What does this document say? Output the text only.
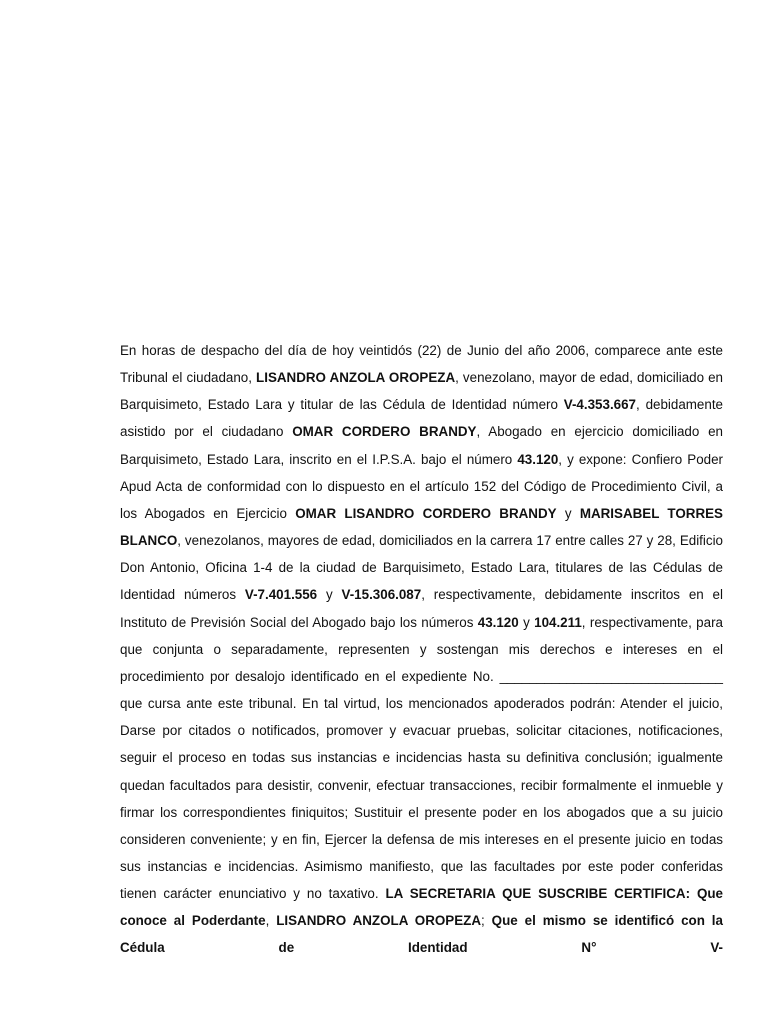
En horas de despacho del día de hoy veintidós (22) de Junio del año 2006, comparece ante este Tribunal el ciudadano, LISANDRO ANZOLA OROPEZA, venezolano, mayor de edad, domiciliado en Barquisimeto, Estado Lara y titular de las Cédula de Identidad número V-4.353.667, debidamente asistido por el ciudadano OMAR CORDERO BRANDY, Abogado en ejercicio domiciliado en Barquisimeto, Estado Lara, inscrito en el I.P.S.A. bajo el número 43.120, y expone: Confiero Poder Apud Acta de conformidad con lo dispuesto en el artículo 152 del Código de Procedimiento Civil, a los Abogados en Ejercicio OMAR LISANDRO CORDERO BRANDY y MARISABEL TORRES BLANCO, venezolanos, mayores de edad, domiciliados en la carrera 17 entre calles 27 y 28, Edificio Don Antonio, Oficina 1-4 de la ciudad de Barquisimeto, Estado Lara, titulares de las Cédulas de Identidad números V-7.401.556 y V-15.306.087, respectivamente, debidamente inscritos en el Instituto de Previsión Social del Abogado bajo los números 43.120 y 104.211, respectivamente, para que conjunta o separadamente, representen y sostengan mis derechos e intereses en el procedimiento por desalojo identificado en el expediente No. ______________________________ que cursa ante este tribunal. En tal virtud, los mencionados apoderados podrán: Atender el juicio, Darse por citados o notificados, promover y evacuar pruebas, solicitar citaciones, notificaciones, seguir el proceso en todas sus instancias e incidencias hasta su definitiva conclusión; igualmente quedan facultados para desistir, convenir, efectuar transacciones, recibir formalmente el inmueble y firmar los correspondientes finiquitos; Sustituir el presente poder en los abogados que a su juicio consideren conveniente; y en fin, Ejercer la defensa de mis intereses en el presente juicio en todas sus instancias e incidencias. Asimismo manifiesto, que las facultades por este poder conferidas tienen carácter enunciativo y no taxativo. LA SECRETARIA QUE SUSCRIBE CERTIFICA: Que conoce al Poderdante, LISANDRO ANZOLA OROPEZA; Que el mismo se identificó con la Cédula de Identidad N° V-
